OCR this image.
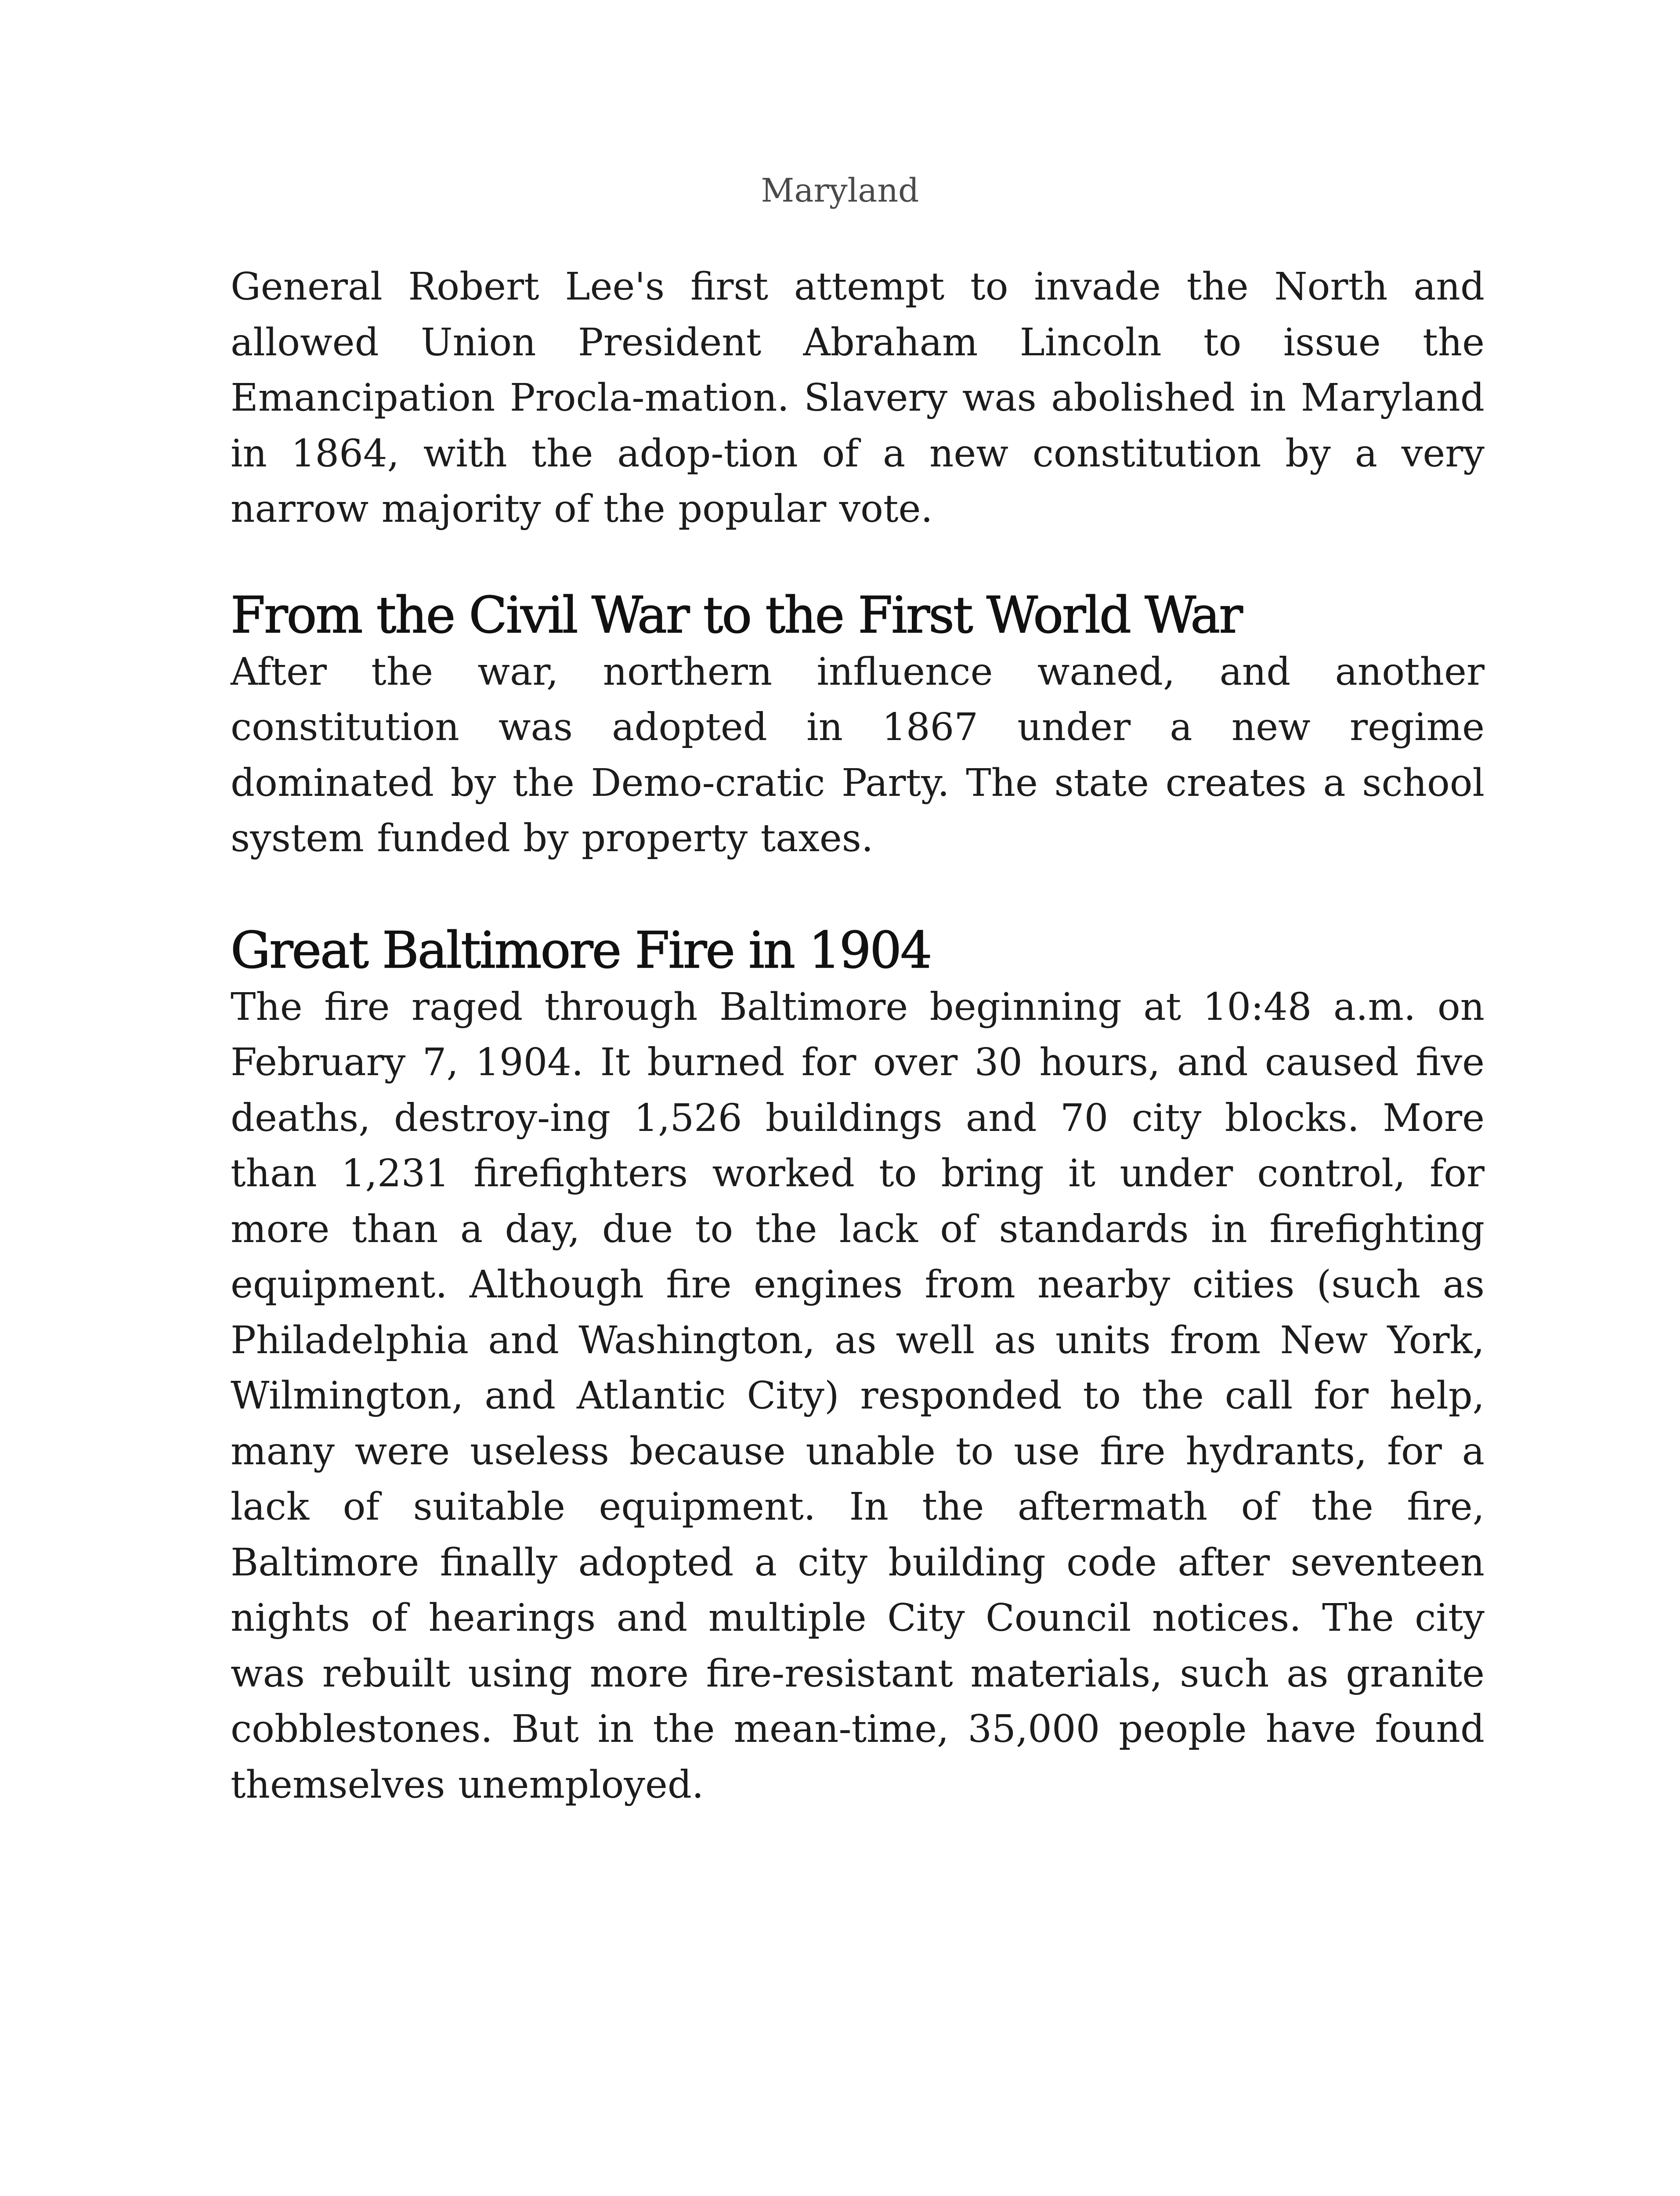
Maryland

General Robert Lee's first attempt to invade the North and allowed Union President Abraham Lincoln to issue the Emancipation Procla-mation. Slavery was abolished in Maryland in 1864, with the adop-tion of a new constitution by a very narrow majority of the popular vote.

From the Civil War to the First World War

After the war, northern influence waned, and another constitution was adopted in 1867 under a new regime dominated by the Demo-cratic Party. The state creates a school system funded by property taxes.

Great Baltimore Fire in 1904

The fire raged through Baltimore beginning at 10:48 a.m. on February 7, 1904. It burned for over 30 hours, and caused five deaths, destroy-ing 1,526 buildings and 70 city blocks. More than 1,231 firefighters worked to bring it under control, for more than a day, due to the lack of standards in firefighting equipment. Although fire engines from nearby cities (such as Philadelphia and Washington, as well as units from New York, Wilmington, and Atlantic City) responded to the call for help, many were useless because unable to use fire hydrants, for a lack of suitable equipment. In the aftermath of the fire, Baltimore finally adopted a city building code after seventeen nights of hearings and multiple City Council notices. The city was rebuilt using more fire-resistant materials, such as granite cobblestones. But in the mean-time, 35,000 people have found themselves unemployed.
